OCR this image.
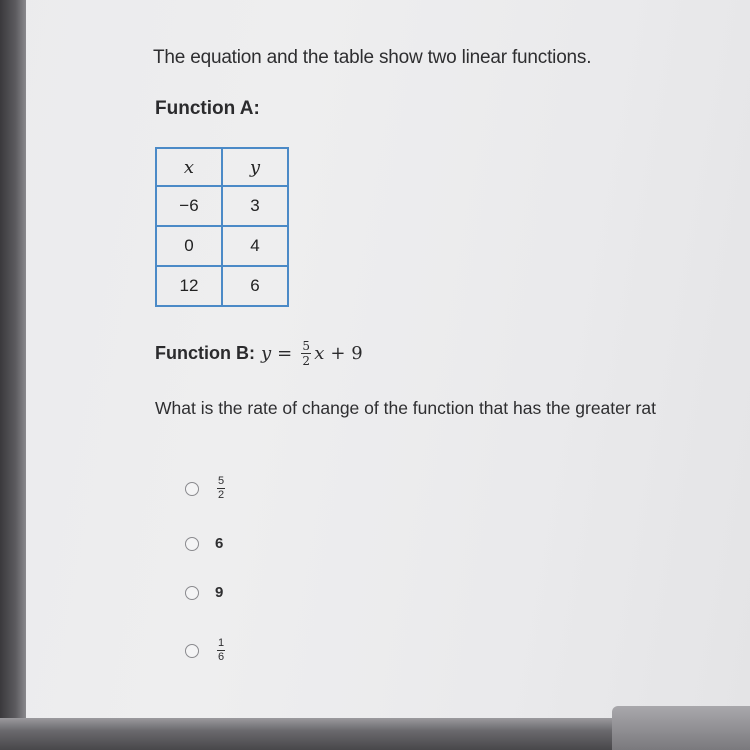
The equation and the table show two linear functions.
Function A:
x	y
−6	3
0	4
12	6
Function B: $y = \frac{5}{2}$ x + 9
What is the rate of change of the function that has the greater rat
$\frac{5}{2}$
6
9
$\frac{1}{6}$
